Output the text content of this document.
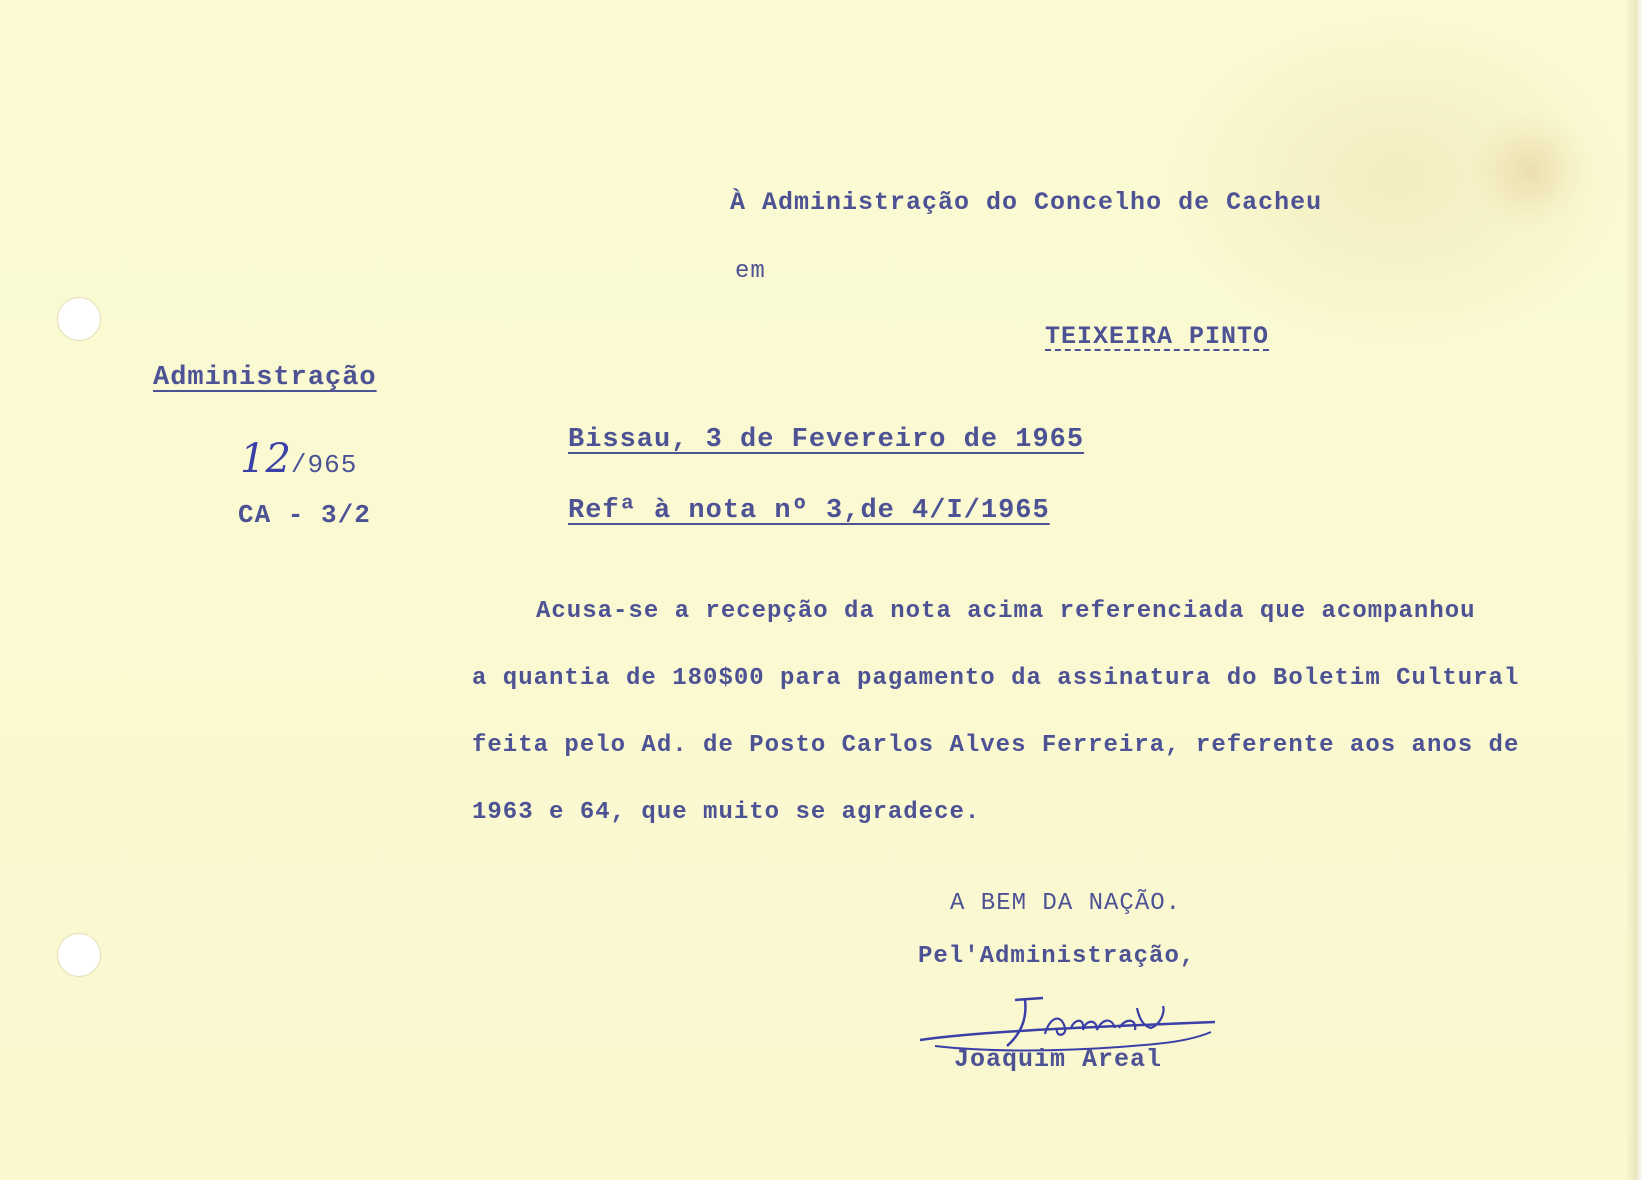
À Administração do Concelho de Cacheu
em
TEIXEIRA PINTO
Administração
12/965
CA - 3/2
Bissau, 3 de Fevereiro de 1965
Refª à nota nº 3,de 4/I/1965
Acusa-se a recepção da nota acima referenciada que acompanhou
a quantia de 180$00 para pagamento da assinatura do Boletim Cultural
feita pelo Ad. de Posto Carlos Alves Ferreira, referente aos anos de
1963 e 64, que muito se agradece.
A BEM DA NAÇÃO.
Pel'Administração,
Joaquim Areal
